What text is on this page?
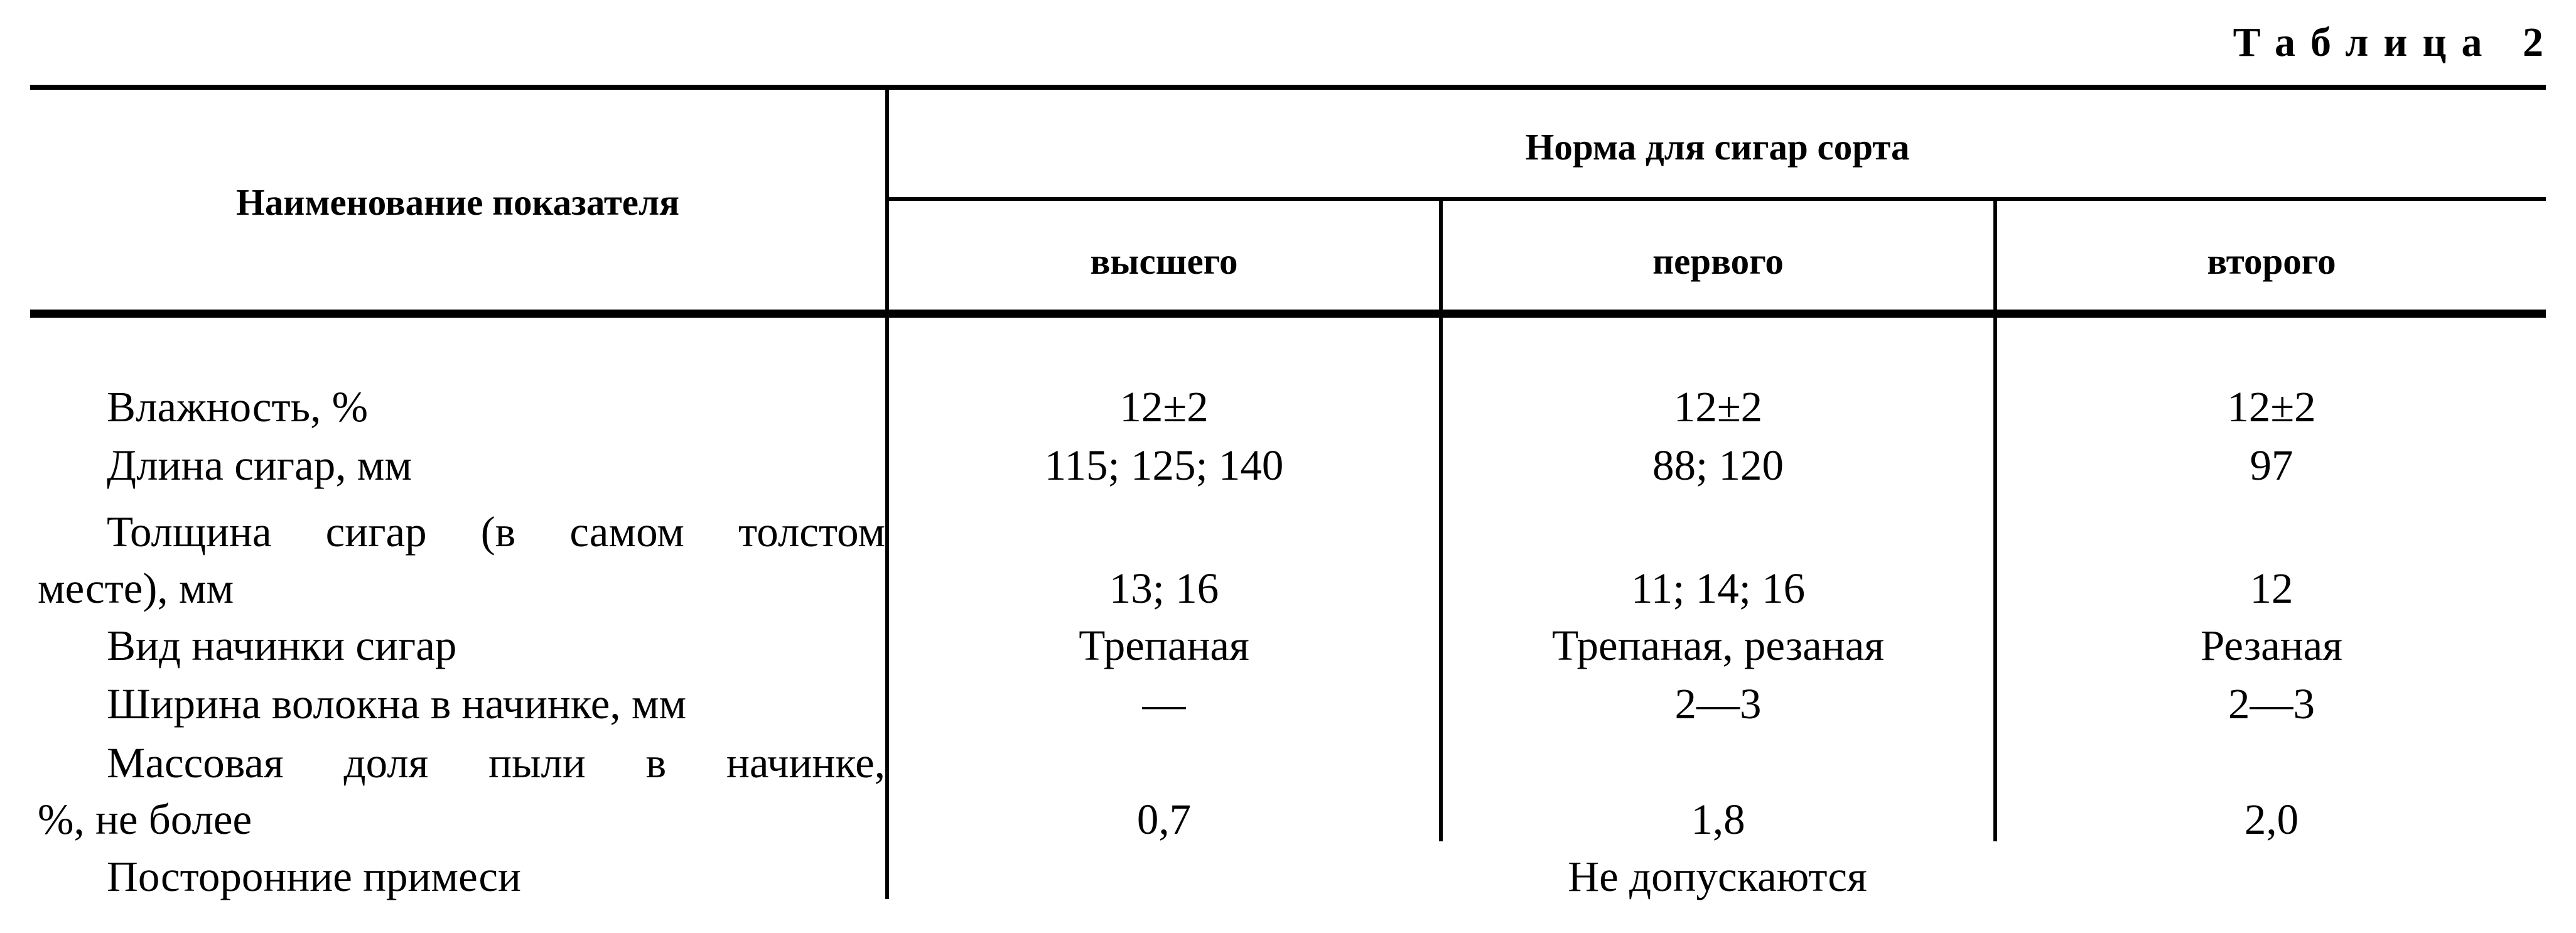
Таблица 2
Наименование показателя
Норма для сигар сорта
высшего	первого	второго
Влажность, %	12±2	12±2	12±2
Длина сигар, мм	115; 125; 140	88; 120	97
Толщина сигар (в самом толстом
месте), мм	13; 16	11; 14; 16	12
Вид начинки сигар	Трепаная	Трепаная, резаная	Резаная
Ширина волокна в начинке, мм	—	2—3	2—3
Массовая доля пыли в начинке,
%, не более	0,7	1,8	2,0
Посторонние примеси	Не допускаются
